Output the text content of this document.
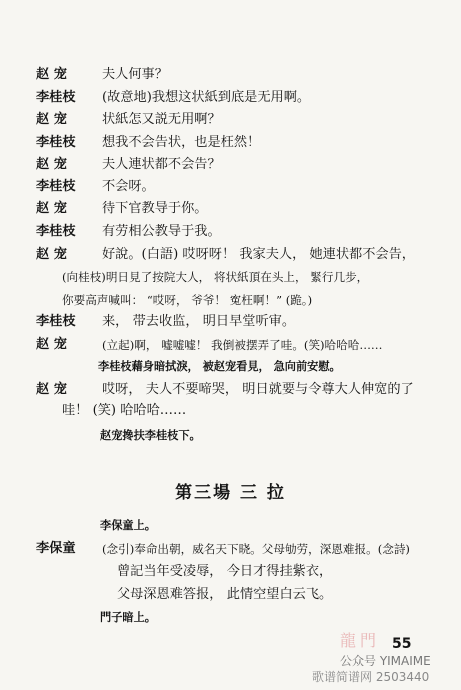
赵 宠	夫人何事？
李桂枝	(故意地)我想这状紙到底是无用啊。
赵 宠	状紙怎又説无用啊？
李桂枝	想我不会告状，也是枉然！
赵 宠	夫人連状都不会告？
李桂枝	不会呀。
赵 宠	待下官教导于你。
李桂枝	有劳相公教导于我。
赵 宠	好說。(白語) 哎呀呀！ 我家夫人， 她連状都不会告，
(向桂枝)明日見了按院大人， 将状紙頂在头上， 緊行几步，
你要高声喊叫： “哎呀， 爷爷！ 寃枉啊！” (跪。)
李桂枝	来， 带去收监， 明日早堂听审。
赵 宠	(立起)啊， 嘘嘘嘘！ 我倒被摆弄了哇。(笑)哈哈哈……
李桂枝藉身暗拭淚， 被赵宠看見， 急向前安慰。
赵 宠	哎呀， 夫人不要啼哭， 明日就要与令尊大人伸宽的了
哇！ (笑) 哈哈哈……
赵宠搀扶李桂枝下。
第三場 三 拉
李保童上。
李保童	(念引)奉命出朝，威名天下晓。父母劬劳，深恩难报。(念詩)
曾記当年受凌辱， 今日才得挂紫衣，
父母深恩难答报， 此情空望白云飞。
門子暗上。
龍門 55
公众号 YIMAIME
歌谱简谱网 2503440
